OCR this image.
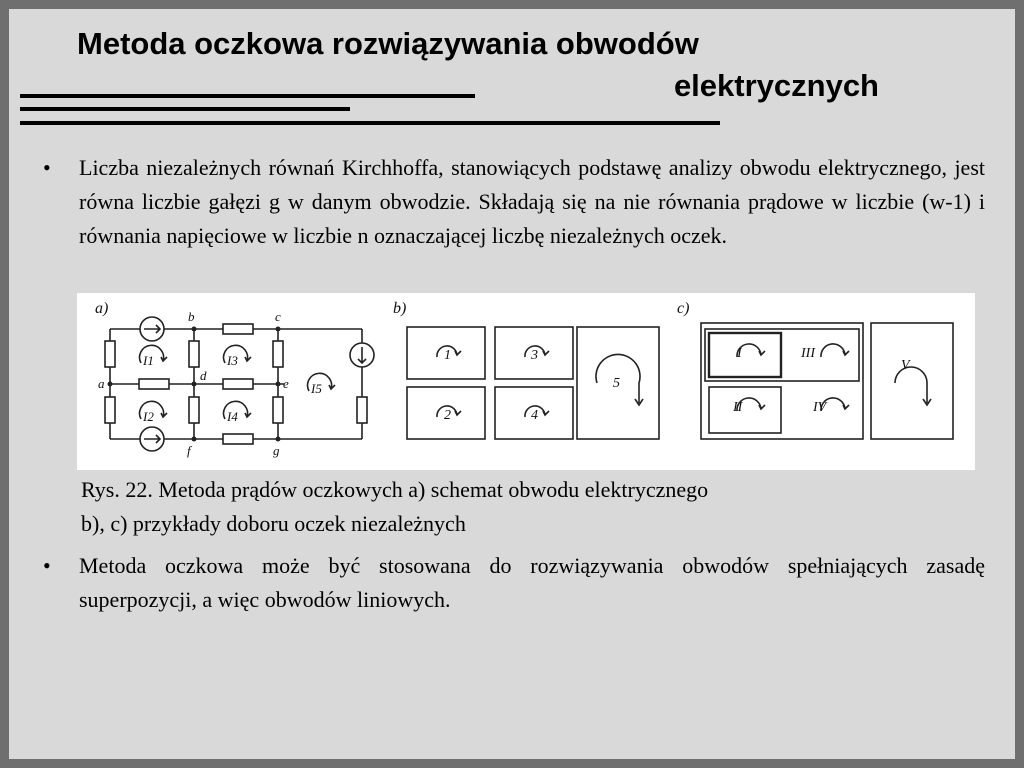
Metoda oczkowa rozwiązywania obwodów
elektrycznych
• Liczba niezależnych równań Kirchhoffa, stanowiących podstawę analizy obwodu elektrycznego, jest równa liczbie gałęzi g w danym obwodzie. Składają się na nie równania prądowe w liczbie (w-1) i równania napięciowe w liczbie n oznaczającej liczbę niezależnych oczek.
a)
a
b	c
d
e
f	g
I1	I3
I5
I2	I4
b)
1	3
5
2	4
c)
I	III
V
II	IV
Rys. 22. Metoda prądów oczkowych a) schemat obwodu elektrycznego
b), c) przykłady doboru oczek niezależnych
• Metoda oczkowa może być stosowana do rozwiązywania obwodów spełniających zasadę superpozycji, a więc obwodów liniowych.
